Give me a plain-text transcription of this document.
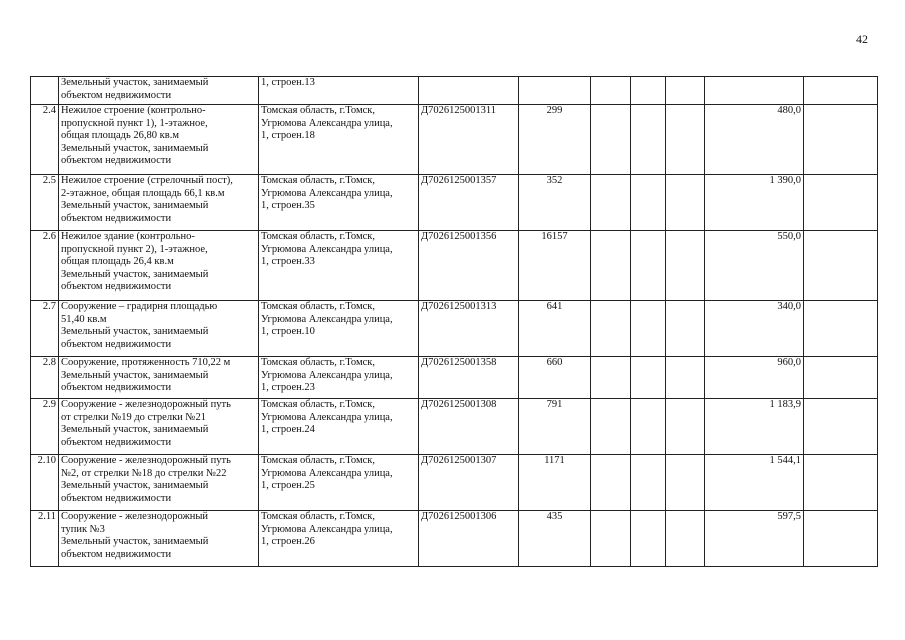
42

	Земельный участок, занимаемый
объектом недвижимости	1, строен.13							

2.4	Нежилое строение (контрольно-
пропускной пункт 1), 1-этажное,
общая площадь 26,80 кв.м
Земельный участок, занимаемый
объектом недвижимости	Томская область, г.Томск,
Угрюмова Александра улица,
1, строен.18	Д7026125001311	299				480,0	
2.5	Нежилое строение (стрелочный пост),
2-этажное, общая площадь 66,1 кв.м
Земельный участок, занимаемый
объектом недвижимости	Томская область, г.Томск,
Угрюмова Александра улица,
1, строен.35	Д7026125001357	352				1 390,0	
2.6	Нежилое здание (контрольно-
пропускной пункт 2), 1-этажное,
общая площадь 26,4 кв.м
Земельный участок, занимаемый
объектом недвижимости	Томская область, г.Томск,
Угрюмова Александра улица,
1, строен.33	Д7026125001356	16157				550,0	
2.7	Сооружение – градирня площадью
51,40 кв.м
Земельный участок, занимаемый
объектом недвижимости	Томская область, г.Томск,
Угрюмова Александра улица,
1, строен.10	Д7026125001313	641				340,0	
2.8	Сооружение, протяженность 710,22 м
Земельный участок, занимаемый
объектом недвижимости	Томская область, г.Томск,
Угрюмова Александра улица,
1, строен.23	Д7026125001358	660				960,0	
2.9	Сооружение - железнодорожный путь
от стрелки №19 до стрелки №21
Земельный участок, занимаемый
объектом недвижимости	Томская область, г.Томск,
Угрюмова Александра улица,
1, строен.24	Д7026125001308	791				1 183,9	
2.10	Сооружение - железнодорожный путь
№2, от стрелки №18 до стрелки №22
Земельный участок, занимаемый
объектом недвижимости	Томская область, г.Томск,
Угрюмова Александра улица,
1, строен.25	Д7026125001307	1171				1 544,1	
2.11	Сооружение - железнодорожный
тупик №3
Земельный участок, занимаемый
объектом недвижимости	Томская область, г.Томск,
Угрюмова Александра улица,
1, строен.26	Д7026125001306	435				597,5	
